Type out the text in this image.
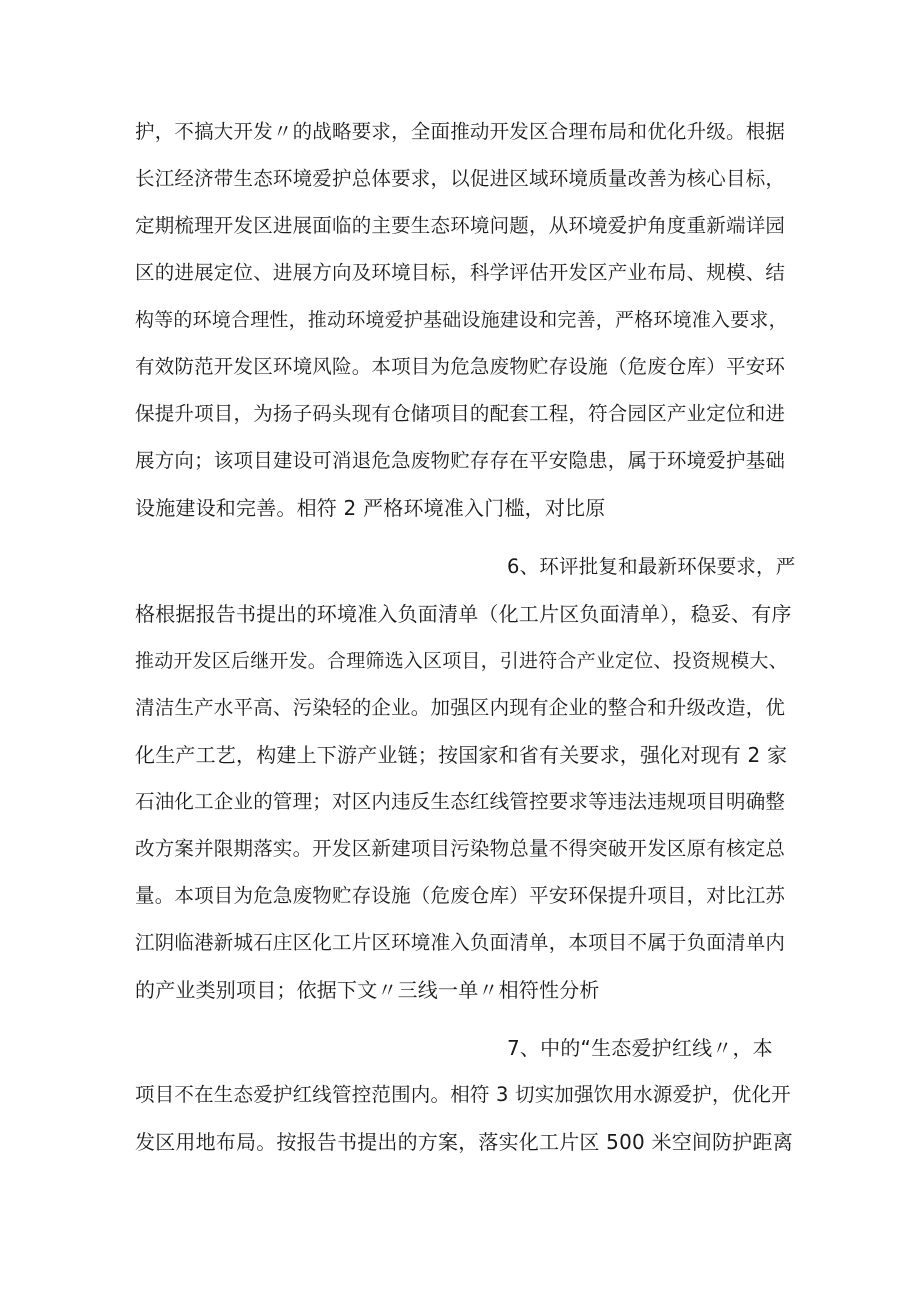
护，不搞大开发〃的战略要求，全面推动开发区合理布局和优化升级。根据
长江经济带生态环境爱护总体要求，以促进区域环境质量改善为核心目标，
定期梳理开发区进展面临的主要生态环境问题，从环境爱护角度重新端详园
区的进展定位、进展方向及环境目标，科学评估开发区产业布局、规模、结
构等的环境合理性，推动环境爱护基础设施建设和完善，严格环境准入要求，
有效防范开发区环境风险。本项目为危急废物贮存设施（危废仓库）平安环
保提升项目，为扬子码头现有仓储项目的配套工程，符合园区产业定位和进
展方向；该项目建设可消退危急废物贮存存在平安隐患，属于环境爱护基础
设施建设和完善。相符 2 严格环境准入门槛，对比原
6、环评批复和最新环保要求，严
格根据报告书提出的环境准入负面清单（化工片区负面清单），稳妥、有序
推动开发区后继开发。合理筛选入区项目，引进符合产业定位、投资规模大、
清洁生产水平高、污染轻的企业。加强区内现有企业的整合和升级改造，优
化生产工艺，构建上下游产业链；按国家和省有关要求，强化对现有 2 家
石油化工企业的管理；对区内违反生态红线管控要求等违法违规项目明确整
改方案并限期落实。开发区新建项目污染物总量不得突破开发区原有核定总
量。本项目为危急废物贮存设施（危废仓库）平安环保提升项目，对比江苏
江阴临港新城石庄区化工片区环境准入负面清单，本项目不属于负面清单内
的产业类别项目；依据下文〃三线一单〃相符性分析
7、中的“生态爱护红线〃，本
项目不在生态爱护红线管控范围内。相符 3 切实加强饮用水源爱护，优化开
发区用地布局。按报告书提出的方案，落实化工片区 500 米空间防护距离
